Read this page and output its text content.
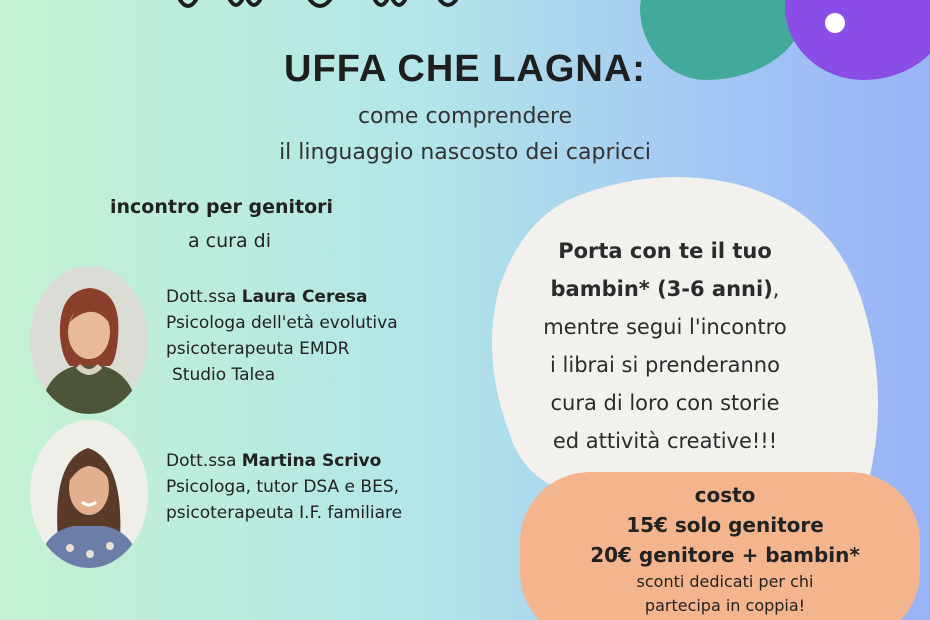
UFFA CHE LAGNA:
come comprendere
il linguaggio nascosto dei capricci
incontro per genitori
a cura di
Dott.ssa Laura Ceresa
Psicologa dell'età evolutiva
psicoterapeuta EMDR
Studio Talea
Dott.ssa Martina Scrivo
Psicologa, tutor DSA e BES,
psicoterapeuta I.F. familiare
Porta con te il tuo
bambin* (3-6 anni),
mentre segui l'incontro
i librai si prenderanno
cura di loro con storie
ed attività creative!!!
costo
15€ solo genitore
20€ genitore + bambin*
sconti dedicati per chi
partecipa in coppia!
